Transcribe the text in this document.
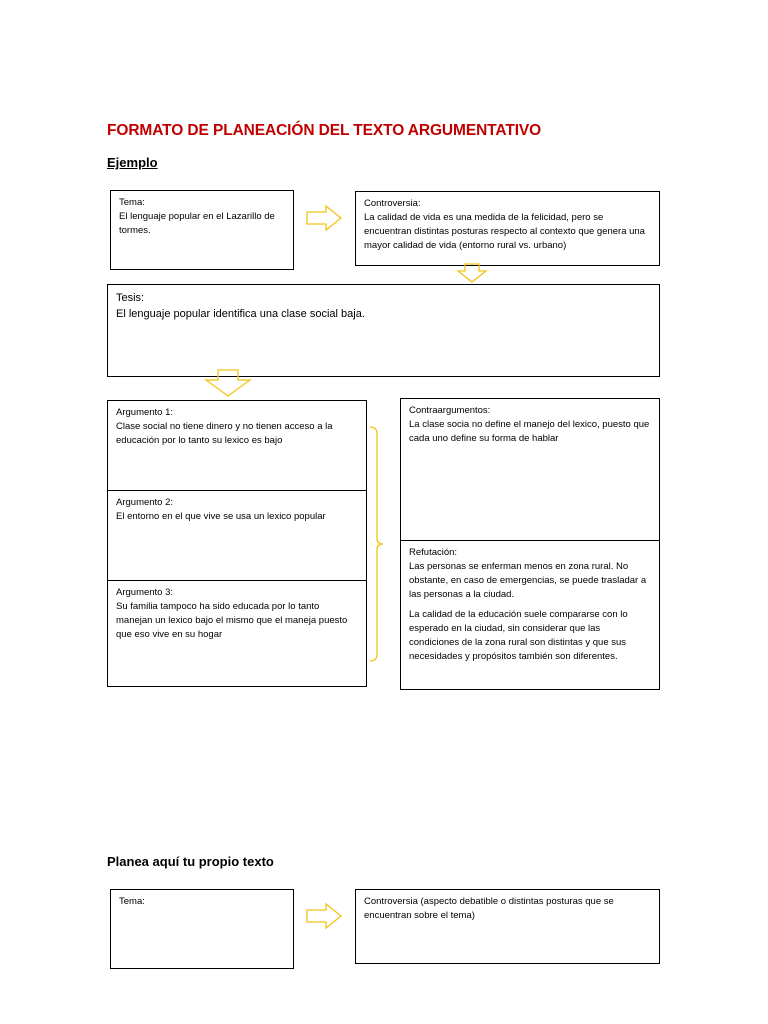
FORMATO DE PLANEACIÓN DEL TEXTO ARGUMENTATIVO
Ejemplo
Tema:
El lenguaje popular en el Lazarillo de tormes.
Controversia:
La calidad de vida es una medida de la felicidad, pero se encuentran distintas posturas respecto al contexto que genera una mayor calidad de vida (entorno rural vs. urbano)
Tesis:
El lenguaje popular identifica una clase social baja.
Argumento 1:
Clase social no tiene dinero y no tienen acceso a la educación por lo tanto su lexico es bajo
Argumento 2:
El entorno en el que vive se usa un lexico popular
Argumento 3:
Su familia tampoco ha sido educada por lo tanto manejan un lexico bajo el mismo que el maneja puesto que eso vive en su hogar
Contraargumentos:
La clase socia no define el manejo del lexico, puesto que cada uno define su forma de hablar
Refutación:
Las personas se enferman menos en zona rural. No obstante, en caso de emergencias, se puede trasladar a las personas a la ciudad.
La calidad de la educación suele compararse con lo esperado en la ciudad, sin considerar que las condiciones de la zona rural son distintas y que sus necesidades y propósitos también son diferentes.
Planea aquí tu propio texto
Tema:	Controversia (aspecto debatible o distintas posturas que se encuentran sobre el tema)
